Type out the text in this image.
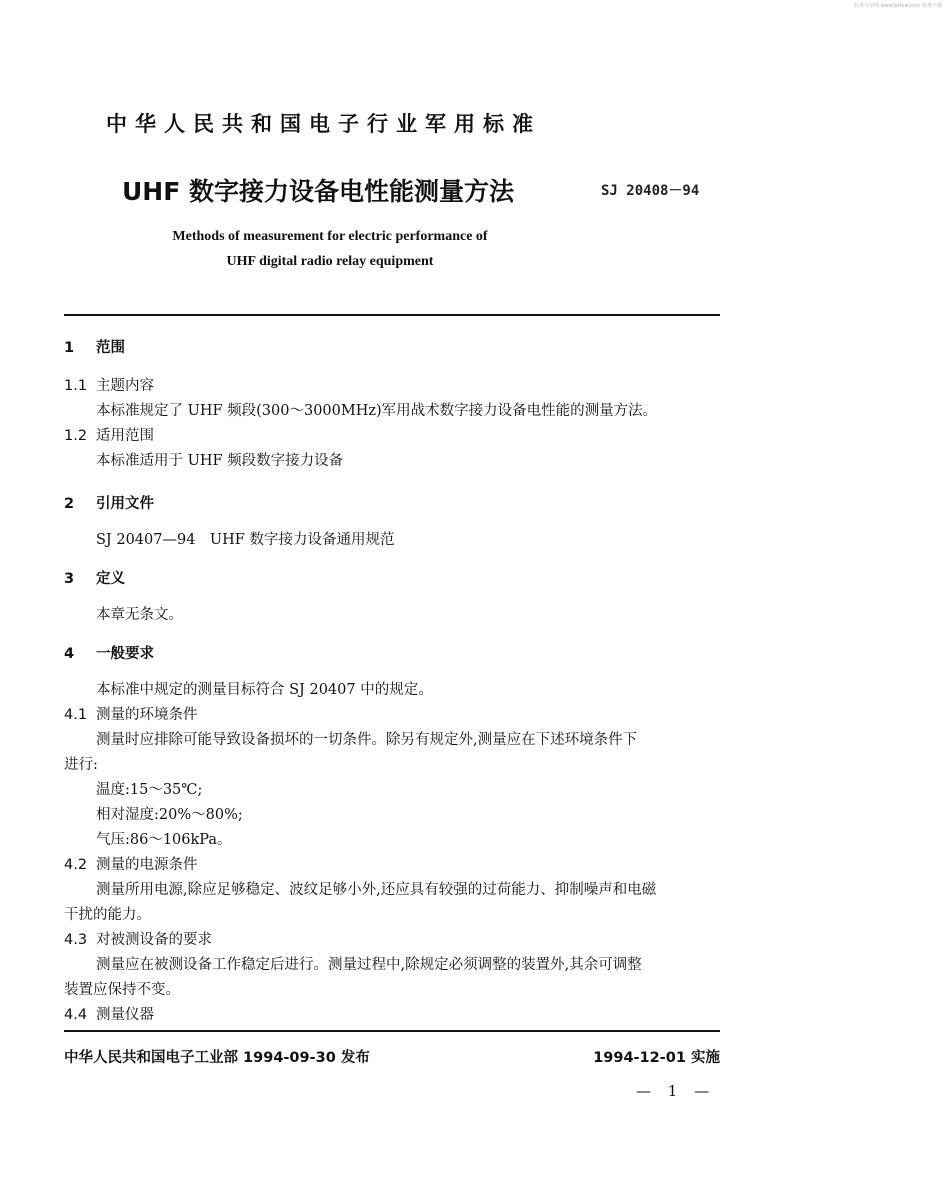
标准分享网 www.bzfxw.com 免费下载
中华人民共和国电子行业军用标准
UHF 数字接力设备电性能测量方法	SJ 20408－94
Methods of measurement for electric performance of
UHF digital radio relay equipment
1 范围
1.1 主题内容
本标准规定了 UHF 频段(300～3000MHz)军用战术数字接力设备电性能的测量方法。
1.2 适用范围
本标准适用于 UHF 频段数字接力设备
2 引用文件
SJ 20407—94　UHF 数字接力设备通用规范
3 定义
本章无条文。
4 一般要求
本标准中规定的测量目标符合 SJ 20407 中的规定。
4.1 测量的环境条件
测量时应排除可能导致设备损坏的一切条件。除另有规定外,测量应在下述环境条件下
进行:
温度:15～35℃;
相对湿度:20%～80%;
气压:86～106kPa。
4.2 测量的电源条件
测量所用电源,除应足够稳定、波纹足够小外,还应具有较强的过荷能力、抑制噪声和电磁
干扰的能力。
4.3 对被测设备的要求
测量应在被测设备工作稳定后进行。测量过程中,除规定必须调整的装置外,其余可调整
装置应保持不变。
4.4 测量仪器
中华人民共和国电子工业部 1994-09-30 发布	1994-12-01 实施
— 1 —
